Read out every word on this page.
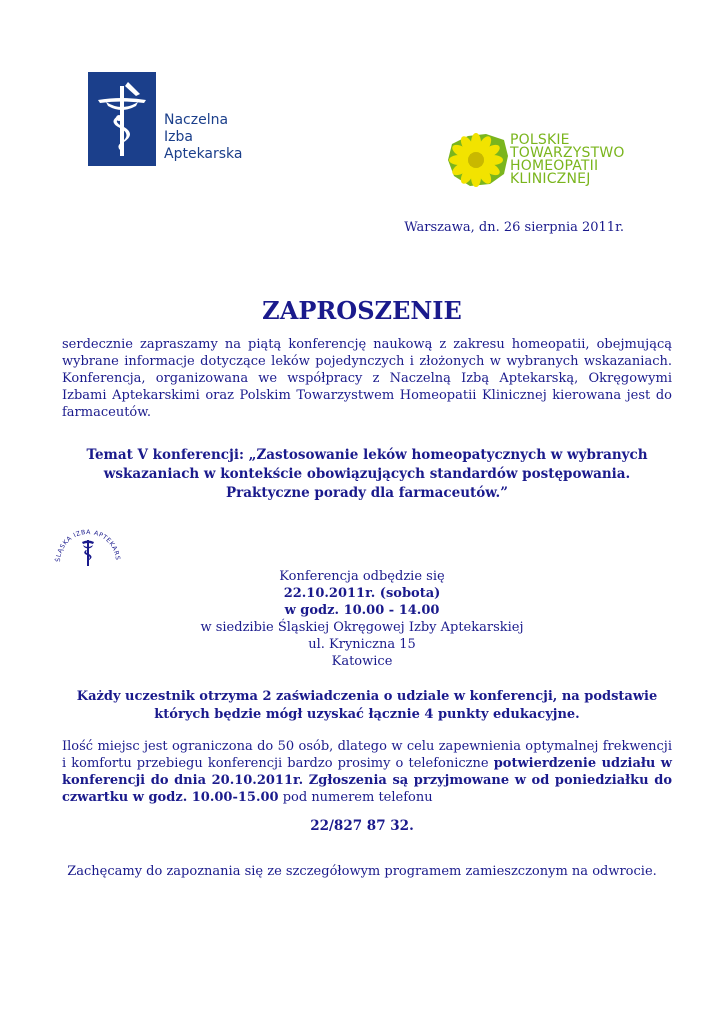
Naczelna
Izba
Aptekarska
POLSKIE
TOWARZYSTWO
HOMEOPATII
KLINICZNEJ
Warszawa, dn. 26 sierpnia 2011r.
ZAPROSZENIE
serdecznie zapraszamy na piątą konferencję naukową z zakresu homeopatii, obejmującą wybrane informacje dotyczące leków pojedynczych i złożonych w wybranych wskazaniach. Konferencja, organizowana we współpracy z Naczelną Izbą Aptekarską, Okręgowymi Izbami Aptekarskimi oraz Polskim Towarzystwem Homeopatii Klinicznej kierowana jest do farmaceutów.
Temat V konferencji: „Zastosowanie leków homeopatycznych w wybranych
wskazaniach w kontekście obowiązujących standardów postępowania.
Praktyczne porady dla farmaceutów.”
ŚLĄSKA IZBA APTEKARS
Konferencja odbędzie się
22.10.2011r. (sobota)
w godz. 10.00 - 14.00
w siedzibie Śląskiej Okręgowej Izby Aptekarskiej
ul. Kryniczna 15
Katowice
Każdy uczestnik otrzyma 2 zaświadczenia o udziale w konferencji, na podstawie
których będzie mógł uzyskać łącznie 4 punkty edukacyjne.
Ilość miejsc jest ograniczona do 50 osób, dlatego w celu zapewnienia optymalnej frekwencji i komfortu przebiegu konferencji bardzo prosimy o telefoniczne potwierdzenie udziału w konferencji do dnia 20.10.2011r. Zgłoszenia są przyjmowane w od poniedziałku do czwartku w godz. 10.00-15.00 pod numerem telefonu
22/827 87 32.
Zachęcamy do zapoznania się ze szczegółowym programem zamieszczonym na odwrocie.
